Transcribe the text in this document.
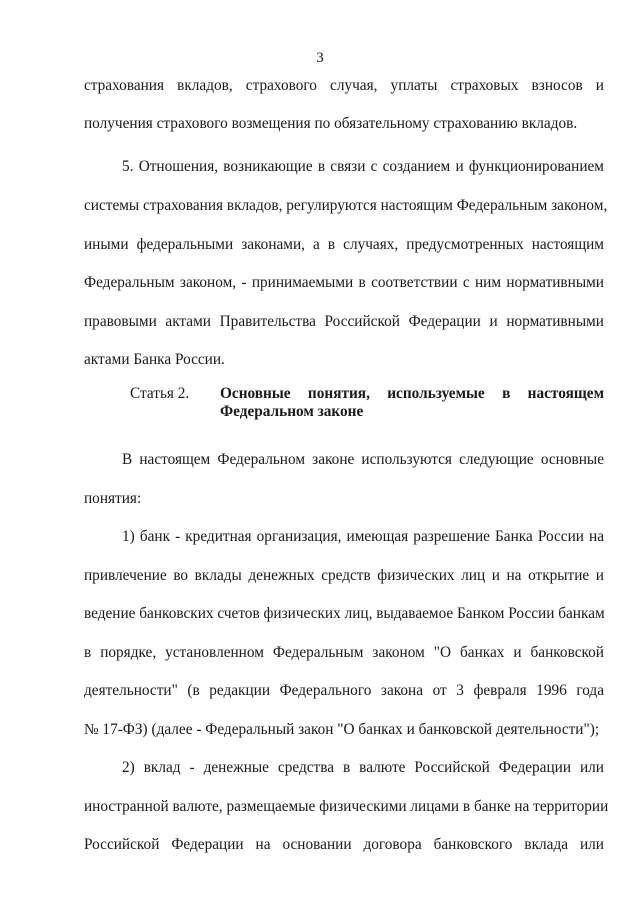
3
страхования вкладов, страхового случая, уплаты страховых взносов и
получения страхового возмещения по обязательному страхованию вкладов.
5. Отношения, возникающие в связи с созданием и функционированием
системы страхования вкладов, регулируются настоящим Федеральным законом,
иными федеральными законами, а в случаях, предусмотренных настоящим
Федеральным законом, - принимаемыми в соответствии с ним нормативными
правовыми актами Правительства Российской Федерации и нормативными
актами Банка России.
Статья 2. Основные понятия, используемые в настоящем
Федеральном законе
В настоящем Федеральном законе используются следующие основные
понятия:
1) банк - кредитная организация, имеющая разрешение Банка России на
привлечение во вклады денежных средств физических лиц и на открытие и
ведение банковских счетов физических лиц, выдаваемое Банком России банкам
в порядке, установленном Федеральным законом "О банках и банковской
деятельности" (в редакции Федерального закона от 3 февраля 1996 года
№ 17-ФЗ) (далее - Федеральный закон "О банках и банковской деятельности");
2) вклад - денежные средства в валюте Российской Федерации или
иностранной валюте, размещаемые физическими лицами в банке на территории
Российской Федерации на основании договора банковского вклада или
